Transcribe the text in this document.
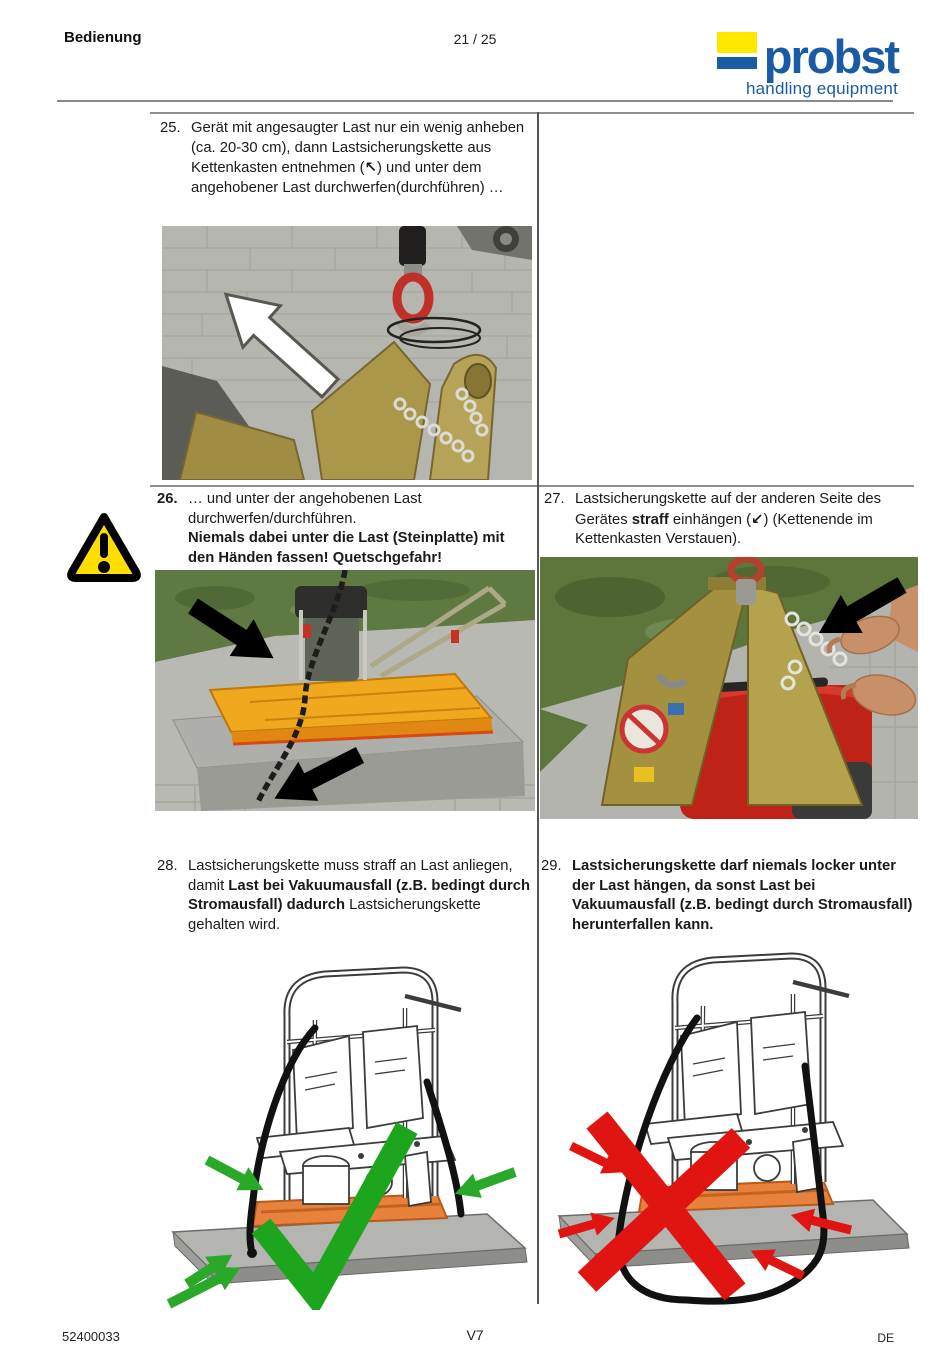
Bedienung	21 / 25	probst
handling equipment
25. Gerät mit angesaugter Last nur ein wenig anheben (ca. 20-30 cm), dann Lastsicherungskette aus Kettenkasten entnehmen (↖) und unter dem angehobener Last durchwerfen(durchführen) …
26. … und unter der angehobenen Last durchwerfen/durchführen.
Niemals dabei unter die Last (Steinplatte) mit den Händen fassen! Quetschgefahr!
27. Lastsicherungskette auf der anderen Seite des Gerätes straff einhängen (↙) (Kettenende im Kettenkasten Verstauen).
28. Lastsicherungskette muss straff an Last anliegen, damit Last bei Vakuumausfall (z.B. bedingt durch Stromausfall) dadurch Lastsicherungskette gehalten wird.
29. Lastsicherungskette darf niemals locker unter der Last hängen, da sonst Last bei Vakuumausfall (z.B. bedingt durch Stromausfall) herunterfallen kann.
52400033	V7	DE
